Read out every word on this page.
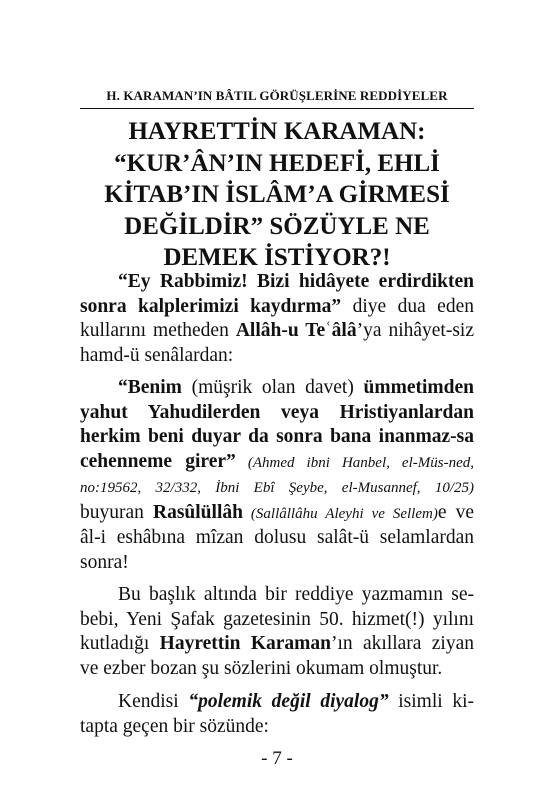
H. KARAMAN’IN BÂTIL GÖRÜŞLERİNE REDDİYELER
HAYRETTİN KARAMAN:
“KUR’ÂN’IN HEDEFİ, EHLİ
KİTAB’IN İSLÂM’A GİRMESİ
DEĞİLDİR” SÖZÜYLE NE
DEMEK İSTİYOR?!

“Ey Rabbimiz! Bizi hidâyete erdirdikten sonra kalplerimizi kaydırma” diye dua eden kullarını metheden Allâh-u Teʿâlâ’ya nihâyet-siz hamd-ü senâlardan:

“Benim (müşrik olan davet) ümmetimden yahut Yahudilerden veya Hristiyanlardan herkim beni duyar da sonra bana inanmaz-sa cehenneme girer” (Ahmed ibni Hanbel, el-Müs-ned, no:19562, 32/332, İbni Ebî Şeybe, el-Musannef, 10/25) buyuran Rasûlüllâh (Sallâllâhu Aleyhi ve Sellem)e ve âl-i eshâbına mîzan dolusu salât-ü selamlardan sonra!

Bu başlık altında bir reddiye yazmamın se-bebi, Yeni Şafak gazetesinin 50. hizmet(!) yılını kutladığı Hayrettin Karaman’ın akıllara ziyan ve ezber bozan şu sözlerini okumam olmuştur.

Kendisi “polemik değil diyalog” isimli ki-tapta geçen bir sözünde:

- 7 -
